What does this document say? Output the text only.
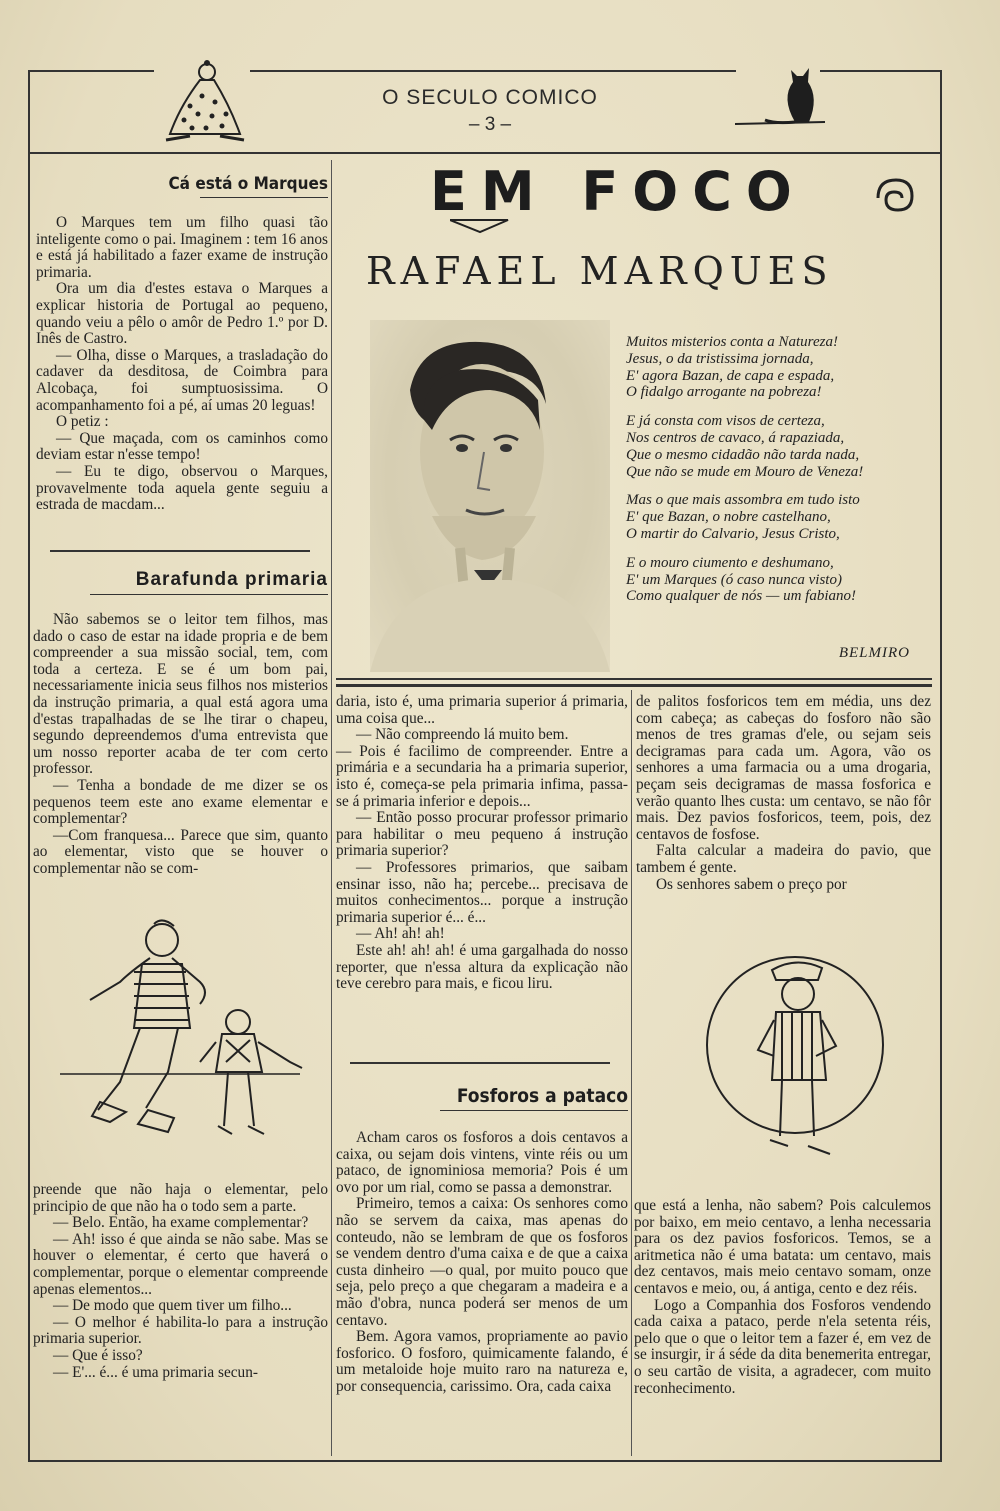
O SECULO COMICO
– 3 –
Cá está o Marques

O Marques tem um filho quasi tão inteligente como o pai. Imaginem : tem 16 anos e está já habilitado a fazer exame de instrução primaria.

Ora um dia d'estes estava o Marques a explicar historia de Portugal ao pequeno, quando veiu a pêlo o amôr de Pedro 1.º por D. Inês de Castro.

— Olha, disse o Marques, a trasladação do cadaver da desditosa, de Coimbra para Alcobaça, foi sumptuosissima. O acompanhamento foi a pé, aí umas 20 leguas!

O petiz :

— Que maçada, com os caminhos como deviam estar n'esse tempo!

— Eu te digo, observou o Marques, provavelmente toda aquela gente seguiu a estrada de macdam...

Barafunda primaria

Não sabemos se o leitor tem filhos, mas dado o caso de estar na idade propria e de bem compreender a sua missão social, tem, com toda a certeza. E se é um bom pai, necessariamente inicia seus filhos nos misterios da instrução primaria, a qual está agora uma d'estas trapalhadas de se lhe tirar o chapeu, segundo depreendemos d'uma entrevista que um nosso reporter acaba de ter com certo professor.

— Tenha a bondade de me dizer se os pequenos teem este ano exame elementar e complementar?

—Com franquesa... Parece que sim, quanto ao elementar, visto que se houver o complementar não se com-

preende que não haja o elementar, pelo principio de que não ha o todo sem a parte.

— Belo. Então, ha exame complementar?

— Ah! isso é que ainda se não sabe. Mas se houver o elementar, é certo que haverá o complementar, porque o elementar compreende apenas elementos...

— De modo que quem tiver um filho...

— O melhor é habilita-lo para a instrução primaria superior.

— Que é isso?

— E'... é... é uma primaria secun-

EM FOCO
RAFAEL MARQUES
Muitos misterios conta a Natureza!
Jesus, o da tristissima jornada,
E' agora Bazan, de capa e espada,
O fidalgo arrogante na pobreza!
E já consta com visos de certeza,
Nos centros de cavaco, á rapaziada,
Que o mesmo cidadão não tarda nada,
Que não se mude em Mouro de Veneza!
Mas o que mais assombra em tudo isto
E' que Bazan, o nobre castelhano,
O martir do Calvario, Jesus Cristo,
E o mouro ciumento e deshumano,
E' um Marques (ó caso nunca visto)
Como qualquer de nós — um fabiano!
BELMIRO

daria, isto é, uma primaria superior á primaria, uma coisa que...

— Não compreendo lá muito bem.

— Pois é facilimo de compreender. Entre a primária e a secundaria ha a primaria superior, isto é, começa-se pela primaria infima, passa-se á primaria inferior e depois...

— Então posso procurar professor primario para habilitar o meu pequeno á instrução primaria superior?

— Professores primarios, que saibam ensinar isso, não ha; percebe... precisava de muitos conhecimentos... porque a instrução primaria superior é... é...

— Ah! ah! ah!

Este ah! ah! ah! é uma gargalhada do nosso reporter, que n'essa altura da explicação não teve cerebro para mais, e ficou liru.

Fosforos a pataco

Acham caros os fosforos a dois centavos a caixa, ou sejam dois vintens, vinte réis ou um pataco, de ignominiosa memoria? Pois é um ovo por um rial, como se passa a demonstrar.

Primeiro, temos a caixa: Os senhores como não se servem da caixa, mas apenas do conteudo, não se lembram de que os fosforos se vendem dentro d'uma caixa e de que a caixa custa dinheiro —o qual, por muito pouco que seja, pelo preço a que chegaram a madeira e a mão d'obra, nunca poderá ser menos de um centavo.

Bem. Agora vamos, propriamente ao pavio fosforico. O fosforo, quimicamente falando, é um metaloide hoje muito raro na natureza e, por consequencia, carissimo. Ora, cada caixa

de palitos fosforicos tem em média, uns dez com cabeça; as cabeças do fosforo não são menos de tres gramas d'ele, ou sejam seis decigramas para cada um. Agora, vão os senhores a uma farmacia ou a uma drogaria, peçam seis decigramas de massa fosforica e verão quanto lhes custa: um centavo, se não fôr mais. Dez pavios fosforicos, teem, pois, dez centavos de fosfose.

Falta calcular a madeira do pavio, que tambem é gente.

Os senhores sabem o preço por

que está a lenha, não sabem? Pois calculemos por baixo, em meio centavo, a lenha necessaria para os dez pavios fosforicos. Temos, se a aritmetica não é uma batata: um centavo, mais dez centavos, mais meio centavo somam, onze centavos e meio, ou, á antiga, cento e dez réis.

Logo a Companhia dos Fosforos vendendo cada caixa a pataco, perde n'ela setenta réis, pelo que o que o leitor tem a fazer é, em vez de se insurgir, ir á séde da dita benemerita entregar, o seu cartão de visita, a agradecer, com muito reconhecimento.
